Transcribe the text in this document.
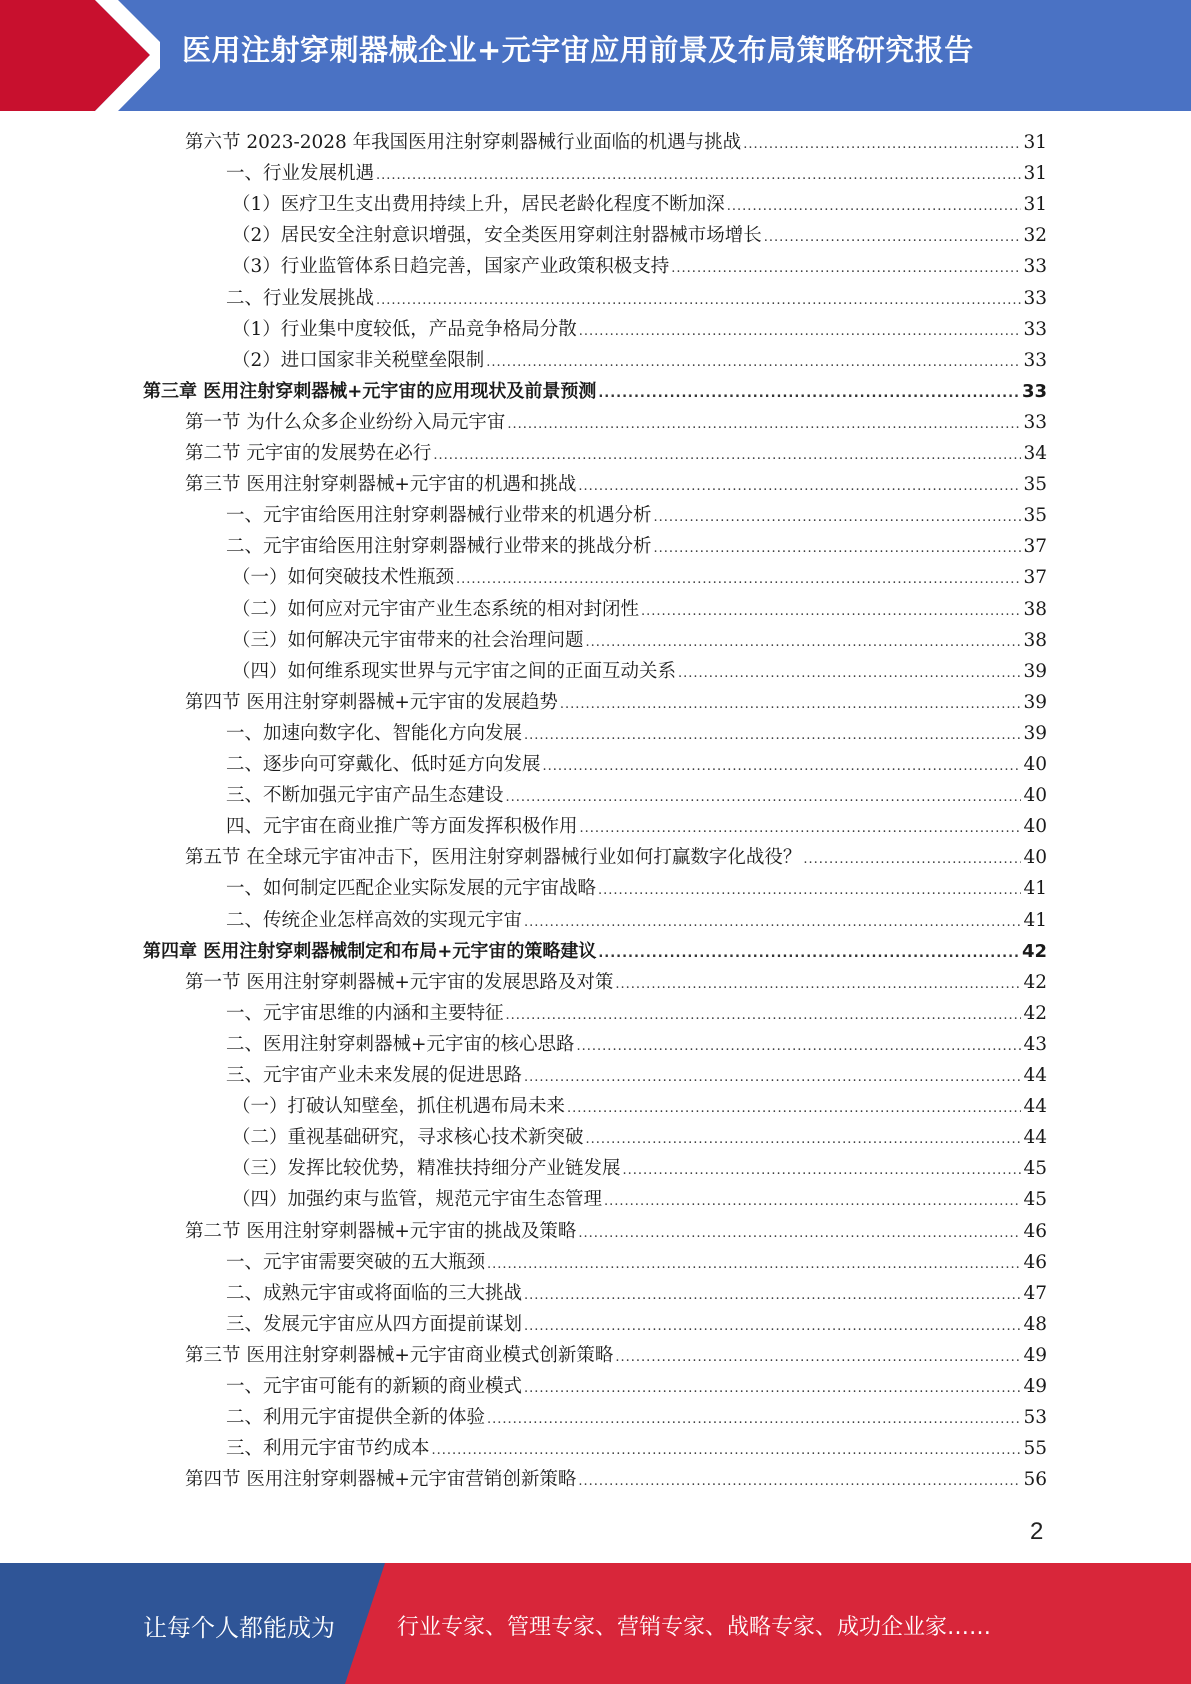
医用注射穿刺器械企业+元宇宙应用前景及布局策略研究报告
第六节 2023-2028 年我国医用注射穿刺器械行业面临的机遇与挑战 .....	31
一、行业发展机遇 .....	31
（1）医疗卫生支出费用持续上升，居民老龄化程度不断加深 .....	31
（2）居民安全注射意识增强，安全类医用穿刺注射器械市场增长 .....	32
（3）行业监管体系日趋完善，国家产业政策积极支持 .....	33
二、行业发展挑战 .....	33
（1）行业集中度较低，产品竞争格局分散 .....	33
（2）进口国家非关税壁垒限制 .....	33
第三章 医用注射穿刺器械+元宇宙的应用现状及前景预测 .....	33
第一节 为什么众多企业纷纷入局元宇宙 .....	33
第二节 元宇宙的发展势在必行 .....	34
第三节 医用注射穿刺器械+元宇宙的机遇和挑战 .....	35
一、元宇宙给医用注射穿刺器械行业带来的机遇分析 .....	35
二、元宇宙给医用注射穿刺器械行业带来的挑战分析 .....	37
（一）如何突破技术性瓶颈 .....	37
（二）如何应对元宇宙产业生态系统的相对封闭性 .....	38
（三）如何解决元宇宙带来的社会治理问题 .....	38
（四）如何维系现实世界与元宇宙之间的正面互动关系 .....	39
第四节 医用注射穿刺器械+元宇宙的发展趋势 .....	39
一、加速向数字化、智能化方向发展 .....	39
二、逐步向可穿戴化、低时延方向发展 .....	40
三、不断加强元宇宙产品生态建设 .....	40
四、元宇宙在商业推广等方面发挥积极作用 .....	40
第五节 在全球元宇宙冲击下，医用注射穿刺器械行业如何打赢数字化战役？ .....	40
一、如何制定匹配企业实际发展的元宇宙战略 .....	41
二、传统企业怎样高效的实现元宇宙 .....	41
第四章 医用注射穿刺器械制定和布局+元宇宙的策略建议 .....	42
第一节 医用注射穿刺器械+元宇宙的发展思路及对策 .....	42
一、元宇宙思维的内涵和主要特征 .....	42
二、医用注射穿刺器械+元宇宙的核心思路 .....	43
三、元宇宙产业未来发展的促进思路 .....	44
（一）打破认知壁垒，抓住机遇布局未来 .....	44
（二）重视基础研究，寻求核心技术新突破 .....	44
（三）发挥比较优势，精准扶持细分产业链发展 .....	45
（四）加强约束与监管，规范元宇宙生态管理 .....	45
第二节 医用注射穿刺器械+元宇宙的挑战及策略 .....	46
一、元宇宙需要突破的五大瓶颈 .....	46
二、成熟元宇宙或将面临的三大挑战 .....	47
三、发展元宇宙应从四方面提前谋划 .....	48
第三节 医用注射穿刺器械+元宇宙商业模式创新策略 .....	49
一、元宇宙可能有的新颖的商业模式 .....	49
二、利用元宇宙提供全新的体验 .....	53
三、利用元宇宙节约成本 .....	55
第四节 医用注射穿刺器械+元宇宙营销创新策略 .....	56
2
让每个人都能成为	行业专家、管理专家、营销专家、战略专家、成功企业家……
